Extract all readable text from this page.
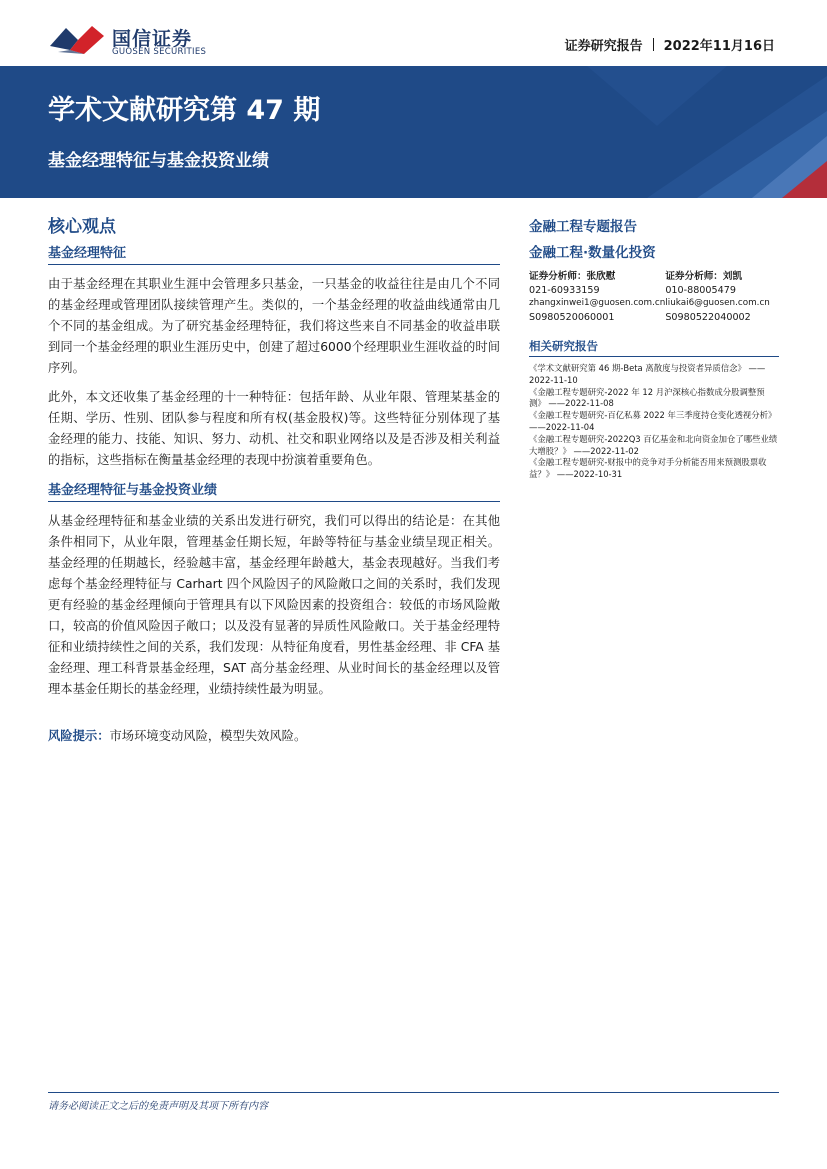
国信证券
GUOSEN SECURITIES	证券研究报告 2022年11月16日
学术文献研究第 47 期
基金经理特征与基金投资业绩
核心观点
基金经理特征

由于基金经理在其职业生涯中会管理多只基金，一只基金的收益往往是由几个不同的基金经理或管理团队接续管理产生。类似的，一个基金经理的收益曲线通常由几个不同的基金组成。为了研究基金经理特征，我们将这些来自不同基金的收益串联到同一个基金经理的职业生涯历史中，创建了超过6000个经理职业生涯收益的时间序列。

此外，本文还收集了基金经理的十一种特征：包括年龄、从业年限、管理某基金的任期、学历、性别、团队参与程度和所有权(基金股权)等。这些特征分别体现了基金经理的能力、技能、知识、努力、动机、社交和职业网络以及是否涉及相关利益的指标，这些指标在衡量基金经理的表现中扮演着重要角色。

基金经理特征与基金投资业绩

从基金经理特征和基金业绩的关系出发进行研究，我们可以得出的结论是：在其他条件相同下，从业年限，管理基金任期长短，年龄等特征与基金业绩呈现正相关。基金经理的任期越长，经验越丰富，基金经理年龄越大，基金表现越好。当我们考虑每个基金经理特征与 Carhart 四个风险因子的风险敞口之间的关系时，我们发现更有经验的基金经理倾向于管理具有以下风险因素的投资组合：较低的市场风险敞口，较高的价值风险因子敞口；以及没有显著的异质性风险敞口。关于基金经理特征和业绩持续性之间的关系，我们发现：从特征角度看，男性基金经理、非 CFA 基金经理、理工科背景基金经理，SAT 高分基金经理、从业时间长的基金经理以及管理本基金任期长的基金经理，业绩持续性最为明显。

风险提示：市场环境变动风险，模型失效风险。
金融工程专题报告
金融工程·数量化投资
证券分析师：张欣慰
021-60933159
zhangxinwei1@guosen.com.cn
S0980520060001
证券分析师：刘凯
010-88005479
liukai6@guosen.com.cn
S0980522040002
相关研究报告
《学术文献研究第 46 期-Beta 离散度与投资者异质信念》 ——2022-11-10
《金融工程专题研究-2022 年 12 月沪深核心指数成分股调整预测》 ——2022-11-08
《金融工程专题研究-百亿私募 2022 年三季度持仓变化透视分析》 ——2022-11-04
《金融工程专题研究-2022Q3 百亿基金和北向资金加仓了哪些业绩大增股？》 ——2022-11-02
《金融工程专题研究-财报中的竞争对手分析能否用来预测股票收益？》 ——2022-10-31
请务必阅读正文之后的免责声明及其项下所有内容
